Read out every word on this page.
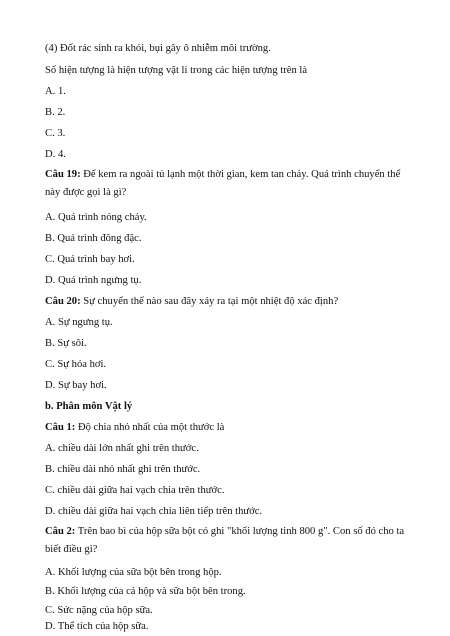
(4) Đốt rác sinh ra khói, bụi gây ô nhiễm môi trường.
Số hiện tượng là hiện tượng vật lí trong các hiện tượng trên là
A. 1.
B. 2.
C. 3.
D. 4.
Câu 19: Để kem ra ngoài tủ lạnh một thời gian, kem tan chảy. Quá trình chuyển thể này được gọi là gì?
A. Quá trình nóng chảy.
B. Quá trình đông đặc.
C. Quá trình bay hơi.
D. Quá trình ngưng tụ.
Câu 20: Sự chuyển thể nào sau đây xảy ra tại một nhiệt độ xác định?
A. Sự ngưng tụ.
B. Sự sôi.
C. Sự hóa hơi.
D. Sự bay hơi.
b. Phân môn Vật lý
Câu 1: Độ chia nhỏ nhất của một thước là
A. chiều dài lớn nhất ghi trên thước.
B. chiều dài nhỏ nhất ghi trên thước.
C. chiều dài giữa hai vạch chia trên thước.
D. chiều dài giữa hai vạch chia liên tiếp trên thước.
Câu 2: Trên bao bì của hộp sữa bột có ghi "khối lượng tinh 800 g". Con số đó cho ta biết điều gì?
A. Khối lượng của sữa bột bên trong hộp.
B. Khối lượng của cả hộp và sữa bột bên trong.
C. Sức nặng của hộp sữa.
D. Thể tích của hộp sữa.
